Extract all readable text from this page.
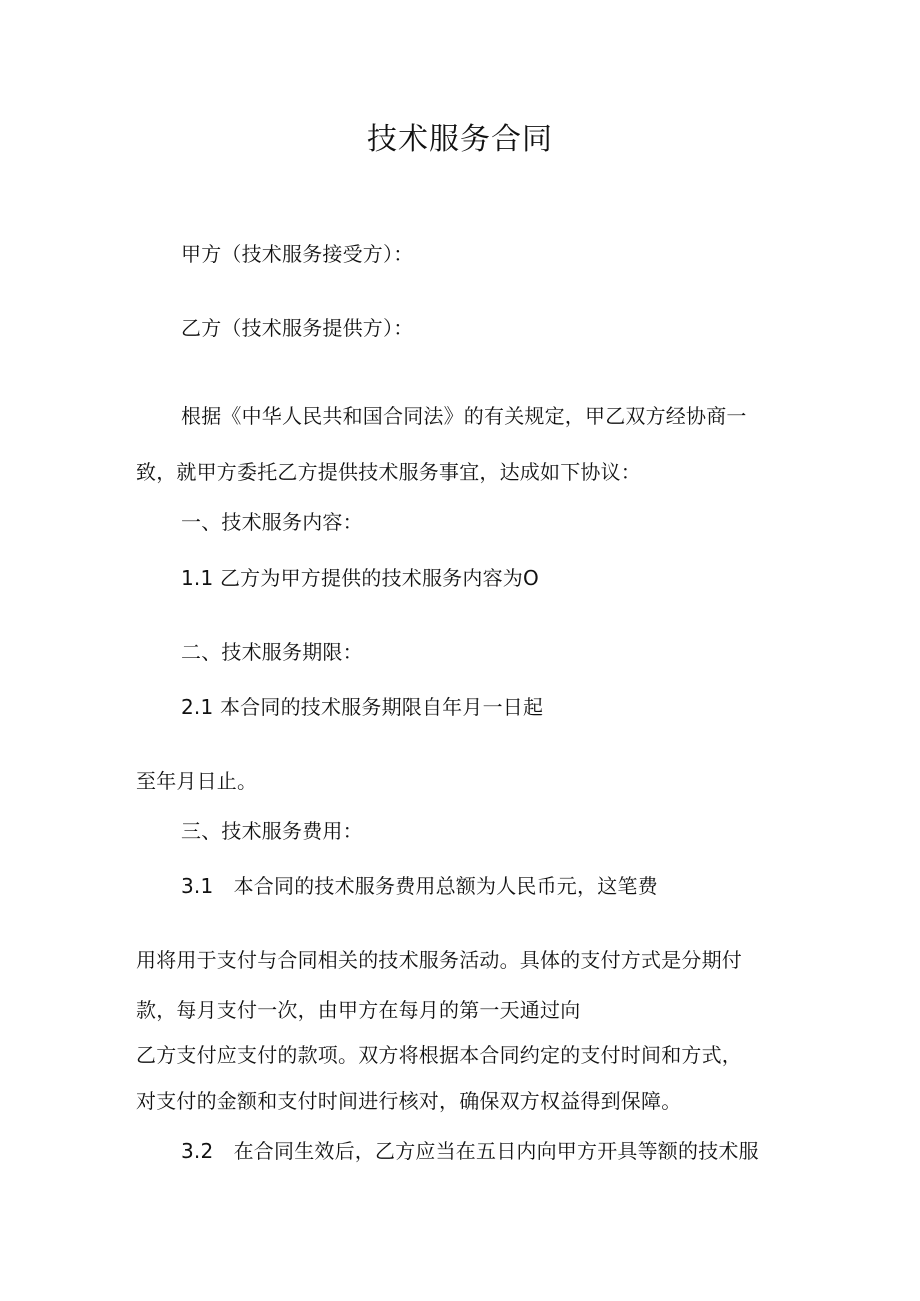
技术服务合同
甲方（技术服务接受方）：
乙方（技术服务提供方）：
根据《中华人民共和国合同法》的有关规定，甲乙双方经协商一
致，就甲方委托乙方提供技术服务事宜，达成如下协议：
一、技术服务内容：
1.1 乙方为甲方提供的技术服务内容为O
二、技术服务期限：
2.1 本合同的技术服务期限自年月一日起
至年月日止。
三、技术服务费用：
3.1　本合同的技术服务费用总额为人民币元，这笔费
用将用于支付与合同相关的技术服务活动。具体的支付方式是分期付
款，每月支付一次，由甲方在每月的第一天通过向
乙方支付应支付的款项。双方将根据本合同约定的支付时间和方式，
对支付的金额和支付时间进行核对，确保双方权益得到保障。
3.2　在合同生效后，乙方应当在五日内向甲方开具等额的技术服
